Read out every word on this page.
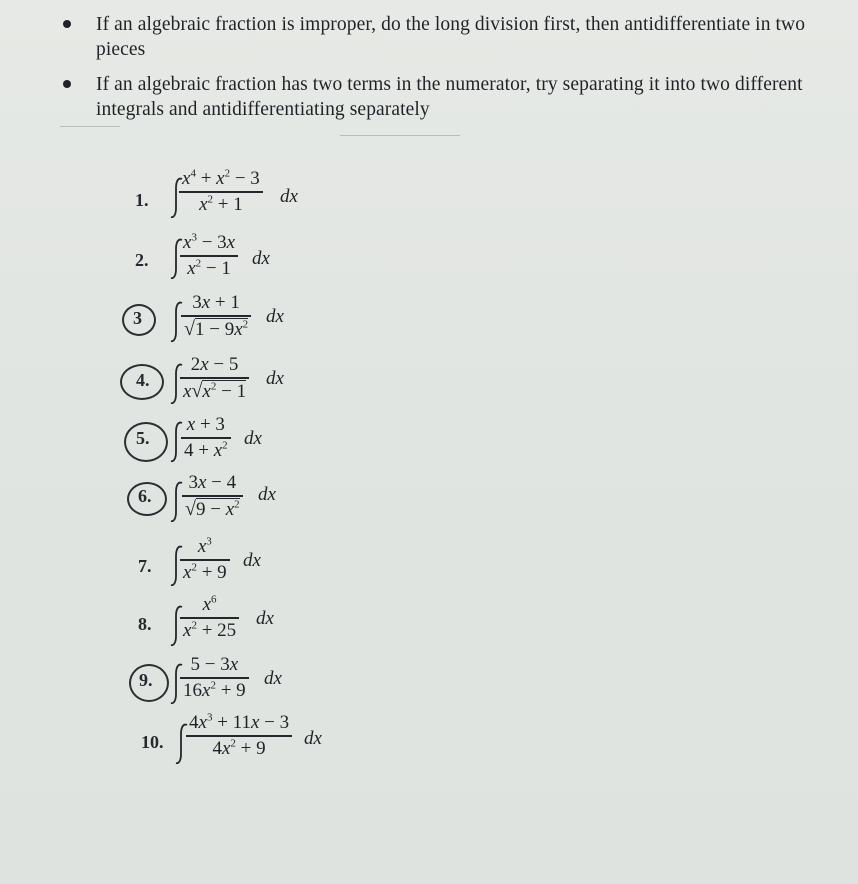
If an algebraic fraction is improper, do the long division first, then antidifferentiate in two pieces
If an algebraic fraction has two terms in the numerator, try separating it into two different integrals and antidifferentiating separately
1.
$x^4 + x^2 - 3$
$x^2 + 1$ dx
2.
$x^3 - 3x$
$x^2 - 1$ dx
3
3x + 1
$√1 - 9x^2$ dx
4.
2x − 5
$x√x^2 - 1$
dx
5.
x + 3
$4 + x^2$ dx
6.
3x − 4
$√9 - x^2$ dx
7.
$x^3$
$x^2 + 9$
dx
8.
$x^6$
$x^2 + 25$
dx
9.
5 − 3x
$16x^2 + 9$
dx
10.
$4x^3 + 11x - 3$
$4x^2 + 9$ dx
